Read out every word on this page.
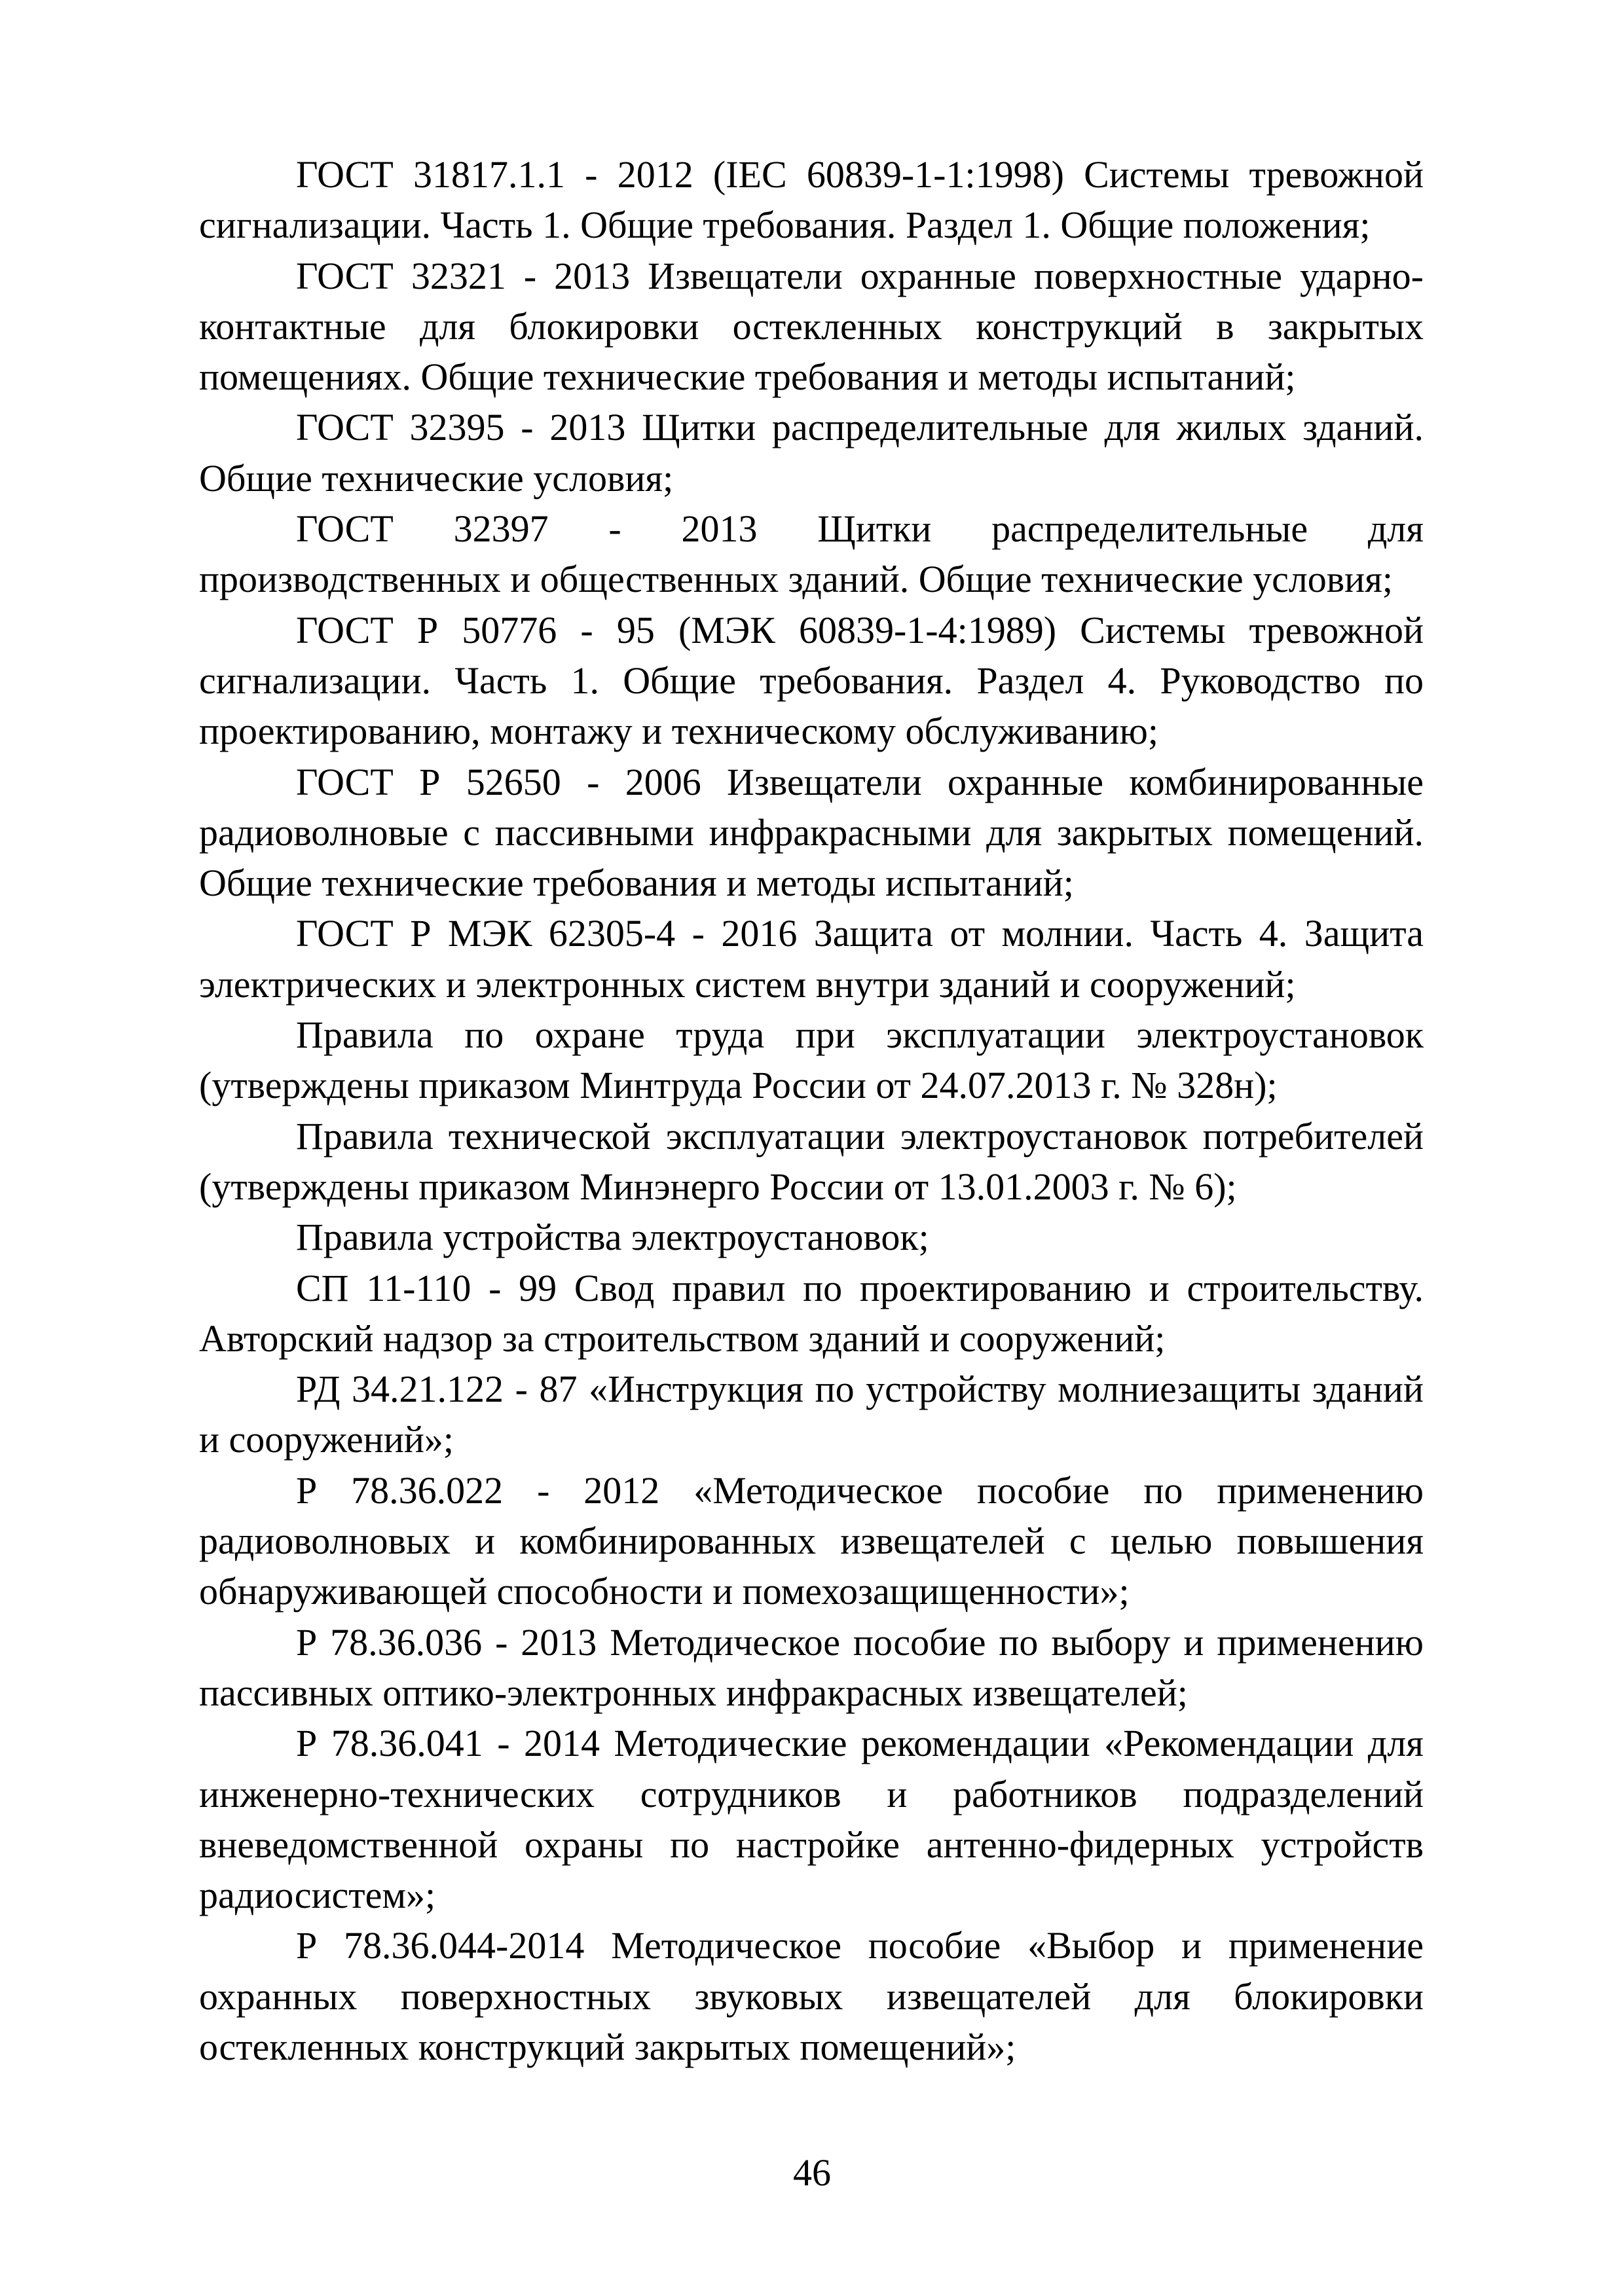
ГОСТ 31817.1.1 - 2012 (IEC 60839-1-1:1998) Системы тревожной сигнализации. Часть 1. Общие требования. Раздел 1. Общие положения;

ГОСТ 32321 - 2013 Извещатели охранные поверхностные ударно-контактные для блокировки остекленных конструкций в закрытых помещениях. Общие технические требования и методы испытаний;

ГОСТ 32395 - 2013 Щитки распределительные для жилых зданий. Общие технические условия;

ГОСТ 32397 - 2013 Щитки распределительные для производственных и общественных зданий. Общие технические условия;

ГОСТ Р 50776 - 95 (МЭК 60839-1-4:1989) Системы тревожной сигнализации. Часть 1. Общие требования. Раздел 4. Руководство по проектированию, монтажу и техническому обслуживанию;

ГОСТ Р 52650 - 2006 Извещатели охранные комбинированные радиоволновые с пассивными инфракрасными для закрытых помещений. Общие технические требования и методы испытаний;

ГОСТ Р МЭК 62305-4 - 2016 Защита от молнии. Часть 4. Защита электрических и электронных систем внутри зданий и сооружений;

Правила по охране труда при эксплуатации электроустановок (утверждены приказом Минтруда России от 24.07.2013 г. № 328н);

Правила технической эксплуатации электроустановок потребителей (утверждены приказом Минэнерго России от 13.01.2003 г. № 6);

Правила устройства электроустановок;

СП 11-110 - 99 Свод правил по проектированию и строительству. Авторский надзор за строительством зданий и сооружений;

РД 34.21.122 - 87 «Инструкция по устройству молниезащиты зданий и сооружений»;

Р 78.36.022 - 2012 «Методическое пособие по применению радиоволновых и комбинированных извещателей с целью повышения обнаруживающей способности и помехозащищенности»;

Р 78.36.036 - 2013 Методическое пособие по выбору и применению пассивных оптико-электронных инфракрасных извещателей;

Р 78.36.041 - 2014 Методические рекомендации «Рекомендации для инженерно-технических сотрудников и работников подразделений вневедомственной охраны по настройке антенно-фидерных устройств радиосистем»;

Р 78.36.044-2014 Методическое пособие «Выбор и применение охранных поверхностных звуковых извещателей для блокировки остекленных конструкций закрытых помещений»;

46
